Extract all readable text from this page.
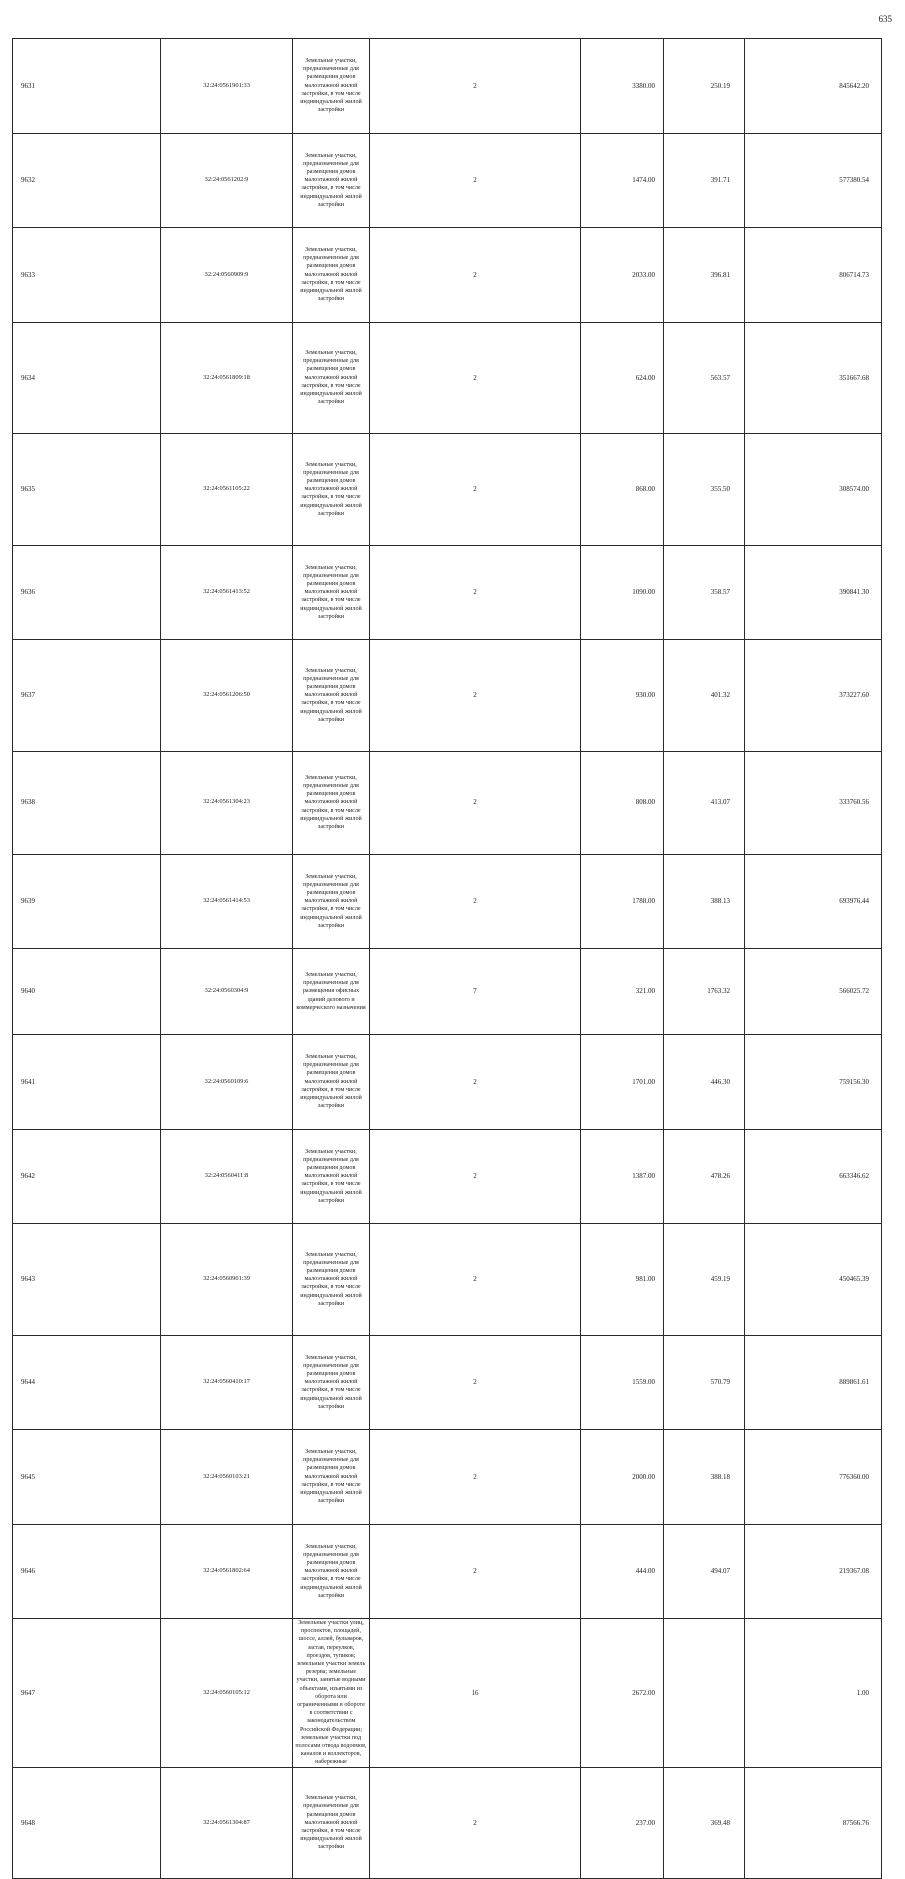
635
9631		32:24:0561901:33	Земельные участки, предназначенные для размещения домов малоэтажной жилой застройки, в том числе индивидуальной жилой застройки	2	3380.00	250.19	845642.20
9632		32:24:0561202:9	Земельные участки, предназначенные для размещения домов малоэтажной жилой застройки, в том числе индивидуальной жилой застройки	2	1474.00	391.71	577380.54
9633		32:24:0560909:9	Земельные участки, предназначенные для размещения домов малоэтажной жилой застройки, в том числе индивидуальной жилой застройки	2	2033.00	396.81	806714.73
9634		32:24:0561809:18	Земельные участки, предназначенные для размещения домов малоэтажной жилой застройки, в том числе индивидуальной жилой застройки	2	624.00	563.57	351667.68
9635		32:24:0561105:22	Земельные участки, предназначенные для размещения домов малоэтажной жилой застройки, в том числе индивидуальной жилой застройки	2	868.00	355.50	308574.00
9636		32:24:0561413:52	Земельные участки, предназначенные для размещения домов малоэтажной жилой застройки, в том числе индивидуальной жилой застройки	2	1090.00	358.57	390841.30
9637		32:24:0561206:50	Земельные участки, предназначенные для размещения домов малоэтажной жилой застройки, в том числе индивидуальной жилой застройки	2	930.00	401.32	373227.60
9638		32:24:0561304:23	Земельные участки, предназначенные для размещения домов малоэтажной жилой застройки, в том числе индивидуальной жилой застройки	2	808.00	413.07	333760.56
9639		32:24:0561414:53	Земельные участки, предназначенные для размещения домов малоэтажной жилой застройки, в том числе индивидуальной жилой застройки	2	1788.00	388.13	693976.44
9640		32:24:0560304:9	Земельные участки, предназначенные для размещения офисных зданий делового и коммерческого назначения	7	321.00	1763.32	566025.72
9641		32:24:0560109:6	Земельные участки, предназначенные для размещения домов малоэтажной жилой застройки, в том числе индивидуальной жилой застройки	2	1701.00	446.30	759156.30
9642		32:24:0560411:8	Земельные участки, предназначенные для размещения домов малоэтажной жилой застройки, в том числе индивидуальной жилой застройки	2	1387.00	478.26	663346.62
9643		32:24:0560901:39	Земельные участки, предназначенные для размещения домов малоэтажной жилой застройки, в том числе индивидуальной жилой застройки	2	981.00	459.19	450465.39
9644		32:24:0560410:17	Земельные участки, предназначенные для размещения домов малоэтажной жилой застройки, в том числе индивидуальной жилой застройки	2	1559.00	570.79	889861.61
9645		32:24:0560103:21	Земельные участки, предназначенные для размещения домов малоэтажной жилой застройки, в том числе индивидуальной жилой застройки	2	2000.00	388.18	776360.00
9646		32:24:0561802:64	Земельные участки, предназначенные для размещения домов малоэтажной жилой застройки, в том числе индивидуальной жилой застройки	2	444.00	494.07	219367.08
9647		32:24:0560105:12	Земельные участки улиц, проспектов, площадей, шоссе, аллей, бульваров, застав, переулков, проездов, тупиков; земельные участки земель резерва; земельные участки, занятые водными объектами, изъятыми из оборота или ограниченными в обороте в соответствии с законодательством Российской Федерации; земельные участки под полосами отвода водоемов, каналов и коллекторов, набережные	16	2672.00		1.00
9648		32:24:0561304:87	Земельные участки, предназначенные для размещения домов малоэтажной жилой застройки, в том числе индивидуальной жилой застройки	2	237.00	369.48	87566.76
